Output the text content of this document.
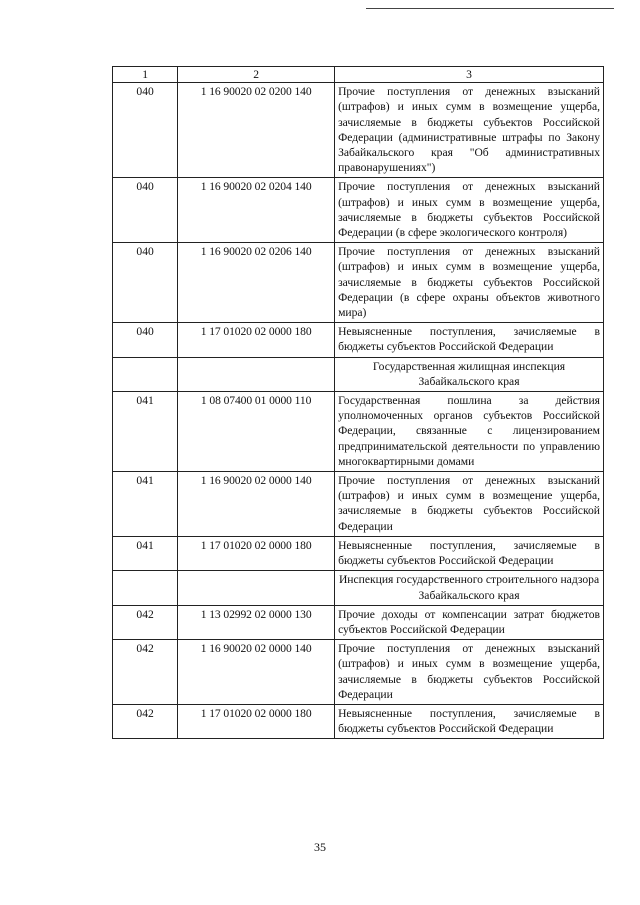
1	2	3
040	1 16 90020 02 0200 140	Прочие поступления от денежных взысканий (штрафов) и иных сумм в возмещение ущерба, зачисляемые в бюджеты субъектов Российской Федерации (административные штрафы по Закону Забайкальского края "Об административных правонарушениях")
040	1 16 90020 02 0204 140	Прочие поступления от денежных взысканий (штрафов) и иных сумм в возмещение ущерба, зачисляемые в бюджеты субъектов Российской Федерации (в сфере экологического контроля)
040	1 16 90020 02 0206 140	Прочие поступления от денежных взысканий (штрафов) и иных сумм в возмещение ущерба, зачисляемые в бюджеты субъектов Российской Федерации (в сфере охраны объектов животного мира)
040	1 17 01020 02 0000 180	Невыясненные поступления, зачисляемые в бюджеты субъектов Российской Федерации
		Государственная жилищная инспекция Забайкальского края
041	1 08 07400 01 0000 110	Государственная пошлина за действия уполномоченных органов субъектов Российской Федерации, связанные с лицензированием предпринимательской деятельности по управлению многоквартирными домами
041	1 16 90020 02 0000 140	Прочие поступления от денежных взысканий (штрафов) и иных сумм в возмещение ущерба, зачисляемые в бюджеты субъектов Российской Федерации
041	1 17 01020 02 0000 180	Невыясненные поступления, зачисляемые в бюджеты субъектов Российской Федерации
		Инспекция государственного строительного надзора Забайкальского края
042	1 13 02992 02 0000 130	Прочие доходы от компенсации затрат бюджетов субъектов Российской Федерации
042	1 16 90020 02 0000 140	Прочие поступления от денежных взысканий (штрафов) и иных сумм в возмещение ущерба, зачисляемые в бюджеты субъектов Российской Федерации
042	1 17 01020 02 0000 180	Невыясненные поступления, зачисляемые в бюджеты субъектов Российской Федерации
35
